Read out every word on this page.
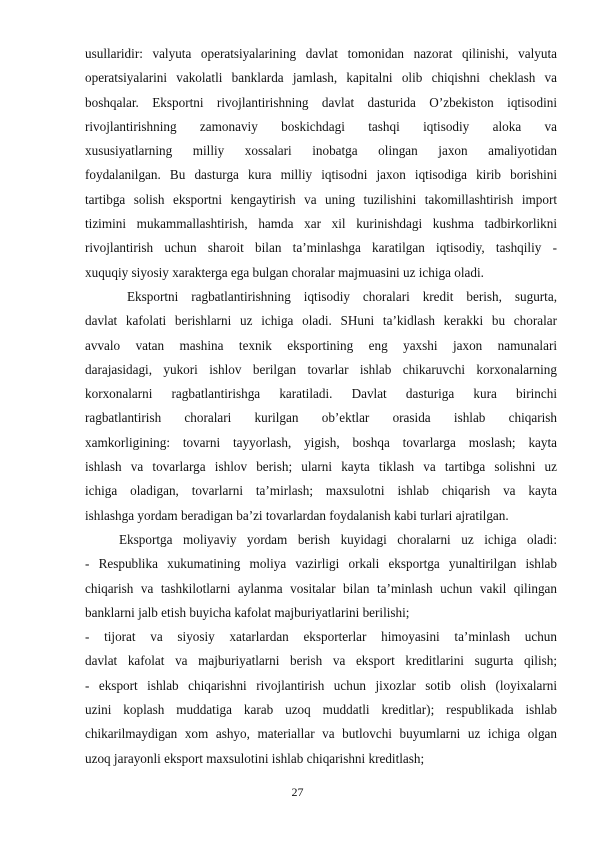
usullaridir: valyuta operatsiyalarining davlat tomonidan nazorat qilinishi, valyuta
operatsiyalarini vakolatli banklarda jamlash, kapitalni olib chiqishni cheklash va
boshqalar. Eksportni rivojlantirishning davlat dasturida O’zbekiston iqtisodini
rivojlantirishning zamonaviy boskichdagi tashqi iqtisodiy aloka va
xususiyatlarning milliy xossalari inobatga olingan jaxon amaliyotidan
foydalanilgan. Bu dasturga kura milliy iqtisodni jaxon iqtisodiga kirib borishini
tartibga solish eksportni kengaytirish va uning tuzilishini takomillashtirish import
tizimini mukammallashtirish, hamda xar xil kurinishdagi kushma tadbirkorlikni
rivojlantirish uchun sharoit bilan ta’minlashga karatilgan iqtisodiy, tashqiliy -
xuquqiy siyosiy xarakterga ega bulgan choralar majmuasini uz ichiga oladi.
Eksportni ragbatlantirishning iqtisodiy choralari kredit berish, sugurta,
davlat kafolati berishlarni uz ichiga oladi. SHuni ta’kidlash kerakki bu choralar
avvalo vatan mashina texnik eksportining eng yaxshi jaxon namunalari
darajasidagi, yukori ishlov berilgan tovarlar ishlab chikaruvchi korxonalarning
korxonalarni ragbatlantirishga karatiladi. Davlat dasturiga kura birinchi
ragbatlantirish choralari kurilgan ob’ektlar orasida ishlab chiqarish
xamkorligining: tovarni tayyorlash, yigish, boshqa tovarlarga moslash; kayta
ishlash va tovarlarga ishlov berish; ularni kayta tiklash va tartibga solishni uz
ichiga oladigan, tovarlarni ta’mirlash; maxsulotni ishlab chiqarish va kayta
ishlashga yordam beradigan ba’zi tovarlardan foydalanish kabi turlari ajratilgan.
Eksportga moliyaviy yordam berish kuyidagi choralarni uz ichiga oladi:
- Respublika xukumatining moliya vazirligi orkali eksportga yunaltirilgan ishlab
chiqarish va tashkilotlarni aylanma vositalar bilan ta’minlash uchun vakil qilingan
banklarni jalb etish buyicha kafolat majburiyatlarini berilishi;
- tijorat va siyosiy xatarlardan eksporterlar himoyasini ta’minlash uchun
davlat kafolat va majburiyatlarni berish va eksport kreditlarini sugurta qilish;
- eksport ishlab chiqarishni rivojlantirish uchun jixozlar sotib olish (loyixalarni
uzini koplash muddatiga karab uzoq muddatli kreditlar); respublikada ishlab
chikarilmaydigan xom ashyo, materiallar va butlovchi buyumlarni uz ichiga olgan
uzoq jarayonli eksport maxsulotini ishlab chiqarishni kreditlash;
27
